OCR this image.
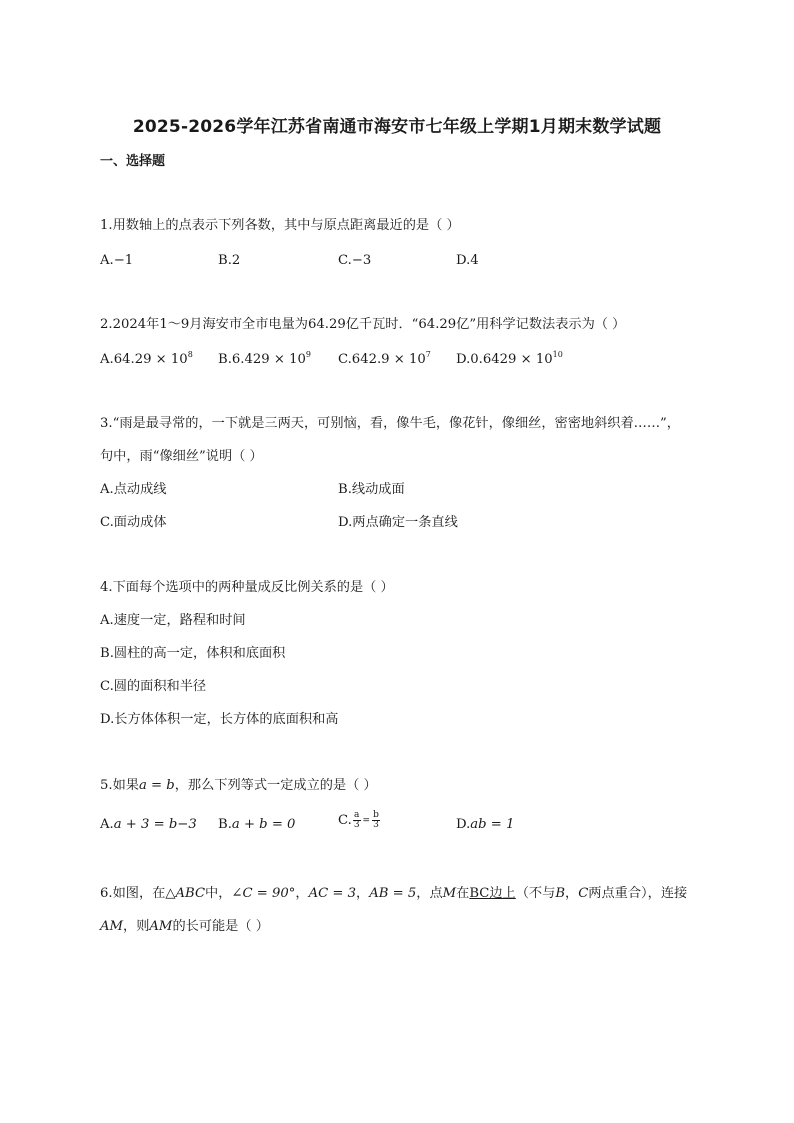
2025-2026学年江苏省南通市海安市七年级上学期1月期末数学试题
一、选择题
1.用数轴上的点表示下列各数，其中与原点距离最近的是（ ）
A.−1	B.2	C.−3	D.4
2.2024年1～9月海安市全市电量为64.29亿千瓦时．“64.29亿”用科学记数法表示为（ ）
$A.64.29 \times 10^8$ $B.6.429 \times 10^9$ $C.642.9 \times 10^7$ $D.0.6429 \times 10^{10}$
3.“雨是最寻常的，一下就是三两天，可别恼，看，像牛毛，像花针，像细丝，密密地斜织着……”，
句中，雨“像细丝”说明（ ）
A.点动成线	B.线动成面
C.面动成体	D.两点确定一条直线
4.下面每个选项中的两种量成反比例关系的是（ ）
A.速度一定，路程和时间
B.圆柱的高一定，体积和底面积
C.圆的面积和半径
D.长方体体积一定，长方体的底面积和高
5.如果a = b，那么下列等式一定成立的是（ ）
A.a + 3 = b−3 B.a + b = 0	C. $\frac{a}{3} = \frac{b}{3}$	D.ab = 1
6.如图，在△ABC中，∠C = 90°，AC = 3，AB = 5，点M在BC边上（不与B，C两点重合），连接
AM，则AM的长可能是（ ）
